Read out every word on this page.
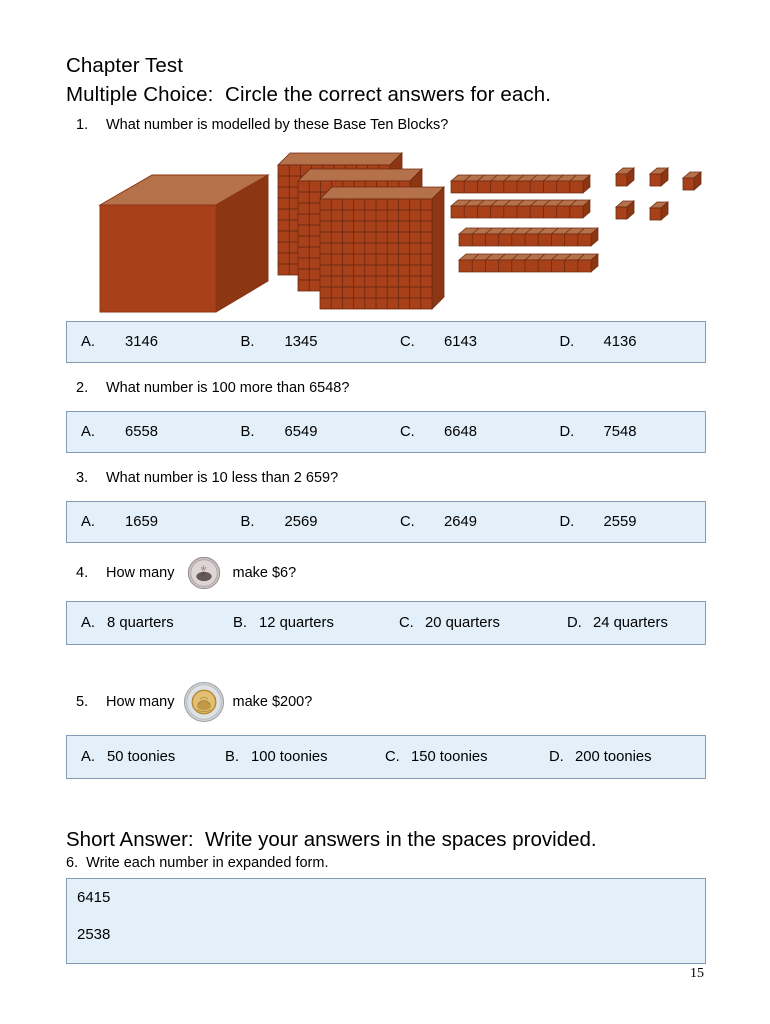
Chapter Test
Multiple Choice:  Circle the correct answers for each.
1.	What number is modelled by these Base Ten Blocks?
A.	3146	B.	1345	C.	6143	D.	4136
2.	What number is 100 more than 6548?
A.	6558	B.	6549	C.	6648	D.	7548
3.	What number is 10 less than 2 659?
A.	1659	B.	2569	C.	2649	D.	2559
4.	How many	make $6?
A. 8 quarters	B. 12 quarters	C. 20 quarters	D. 24 quarters
5.	How many	make $200?
A. 50 toonies	B. 100 toonies	C. 150 toonies	D. 200 toonies
Short Answer:  Write your answers in the spaces provided.
6.  Write each number in expanded form.
6415
2538
15
